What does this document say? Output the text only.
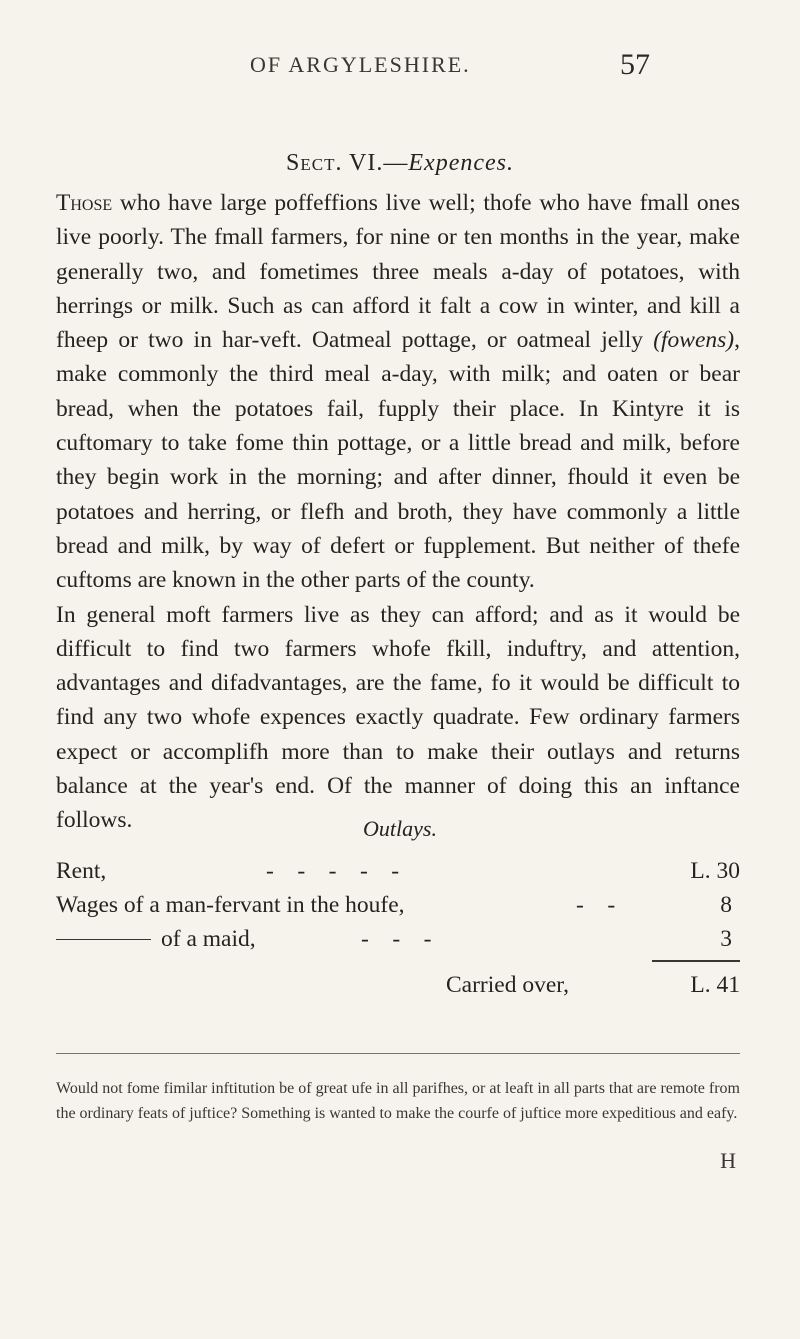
OF ARGYLESHIRE.	57
Sect. VI.—Expences.

Those who have large poffeffions live well; thofe who have fmall ones live poorly. The fmall farmers, for nine or ten months in the year, make generally two, and fometimes three meals a-day of potatoes, with herrings or milk. Such as can afford it falt a cow in winter, and kill a fheep or two in har-veft. Oatmeal pottage, or oatmeal jelly (fowens), make commonly the third meal a-day, with milk; and oaten or bear bread, when the potatoes fail, fupply their place. In Kintyre it is cuftomary to take fome thin pottage, or a little bread and milk, before they begin work in the morning; and after dinner, fhould it even be potatoes and herring, or flefh and broth, they have commonly a little bread and milk, by way of defert or fupplement. But neither of thefe cuftoms are known in the other parts of the county.

In general moft farmers live as they can afford; and as it would be difficult to find two farmers whofe fkill, induftry, and attention, advantages and difadvantages, are the fame, fo it would be difficult to find any two whofe expences exactly quadrate. Few ordinary farmers expect or accomplifh more than to make their outlays and returns balance at the year's end. Of the manner of doing this an inftance follows.	Outlays.
Rent,	-    -    -    -    -	L. 30
Wages of a man-fervant in the houfe,	-    -	8
of a maid,	-    -    -	3
Carried over,	L. 41
Would not fome fimilar inftitution be of great ufe in all parifhes, or at leaft in all parts that are remote from the ordinary feats of juftice? Something is wanted to make the courfe of juftice more expeditious and eafy.
H
